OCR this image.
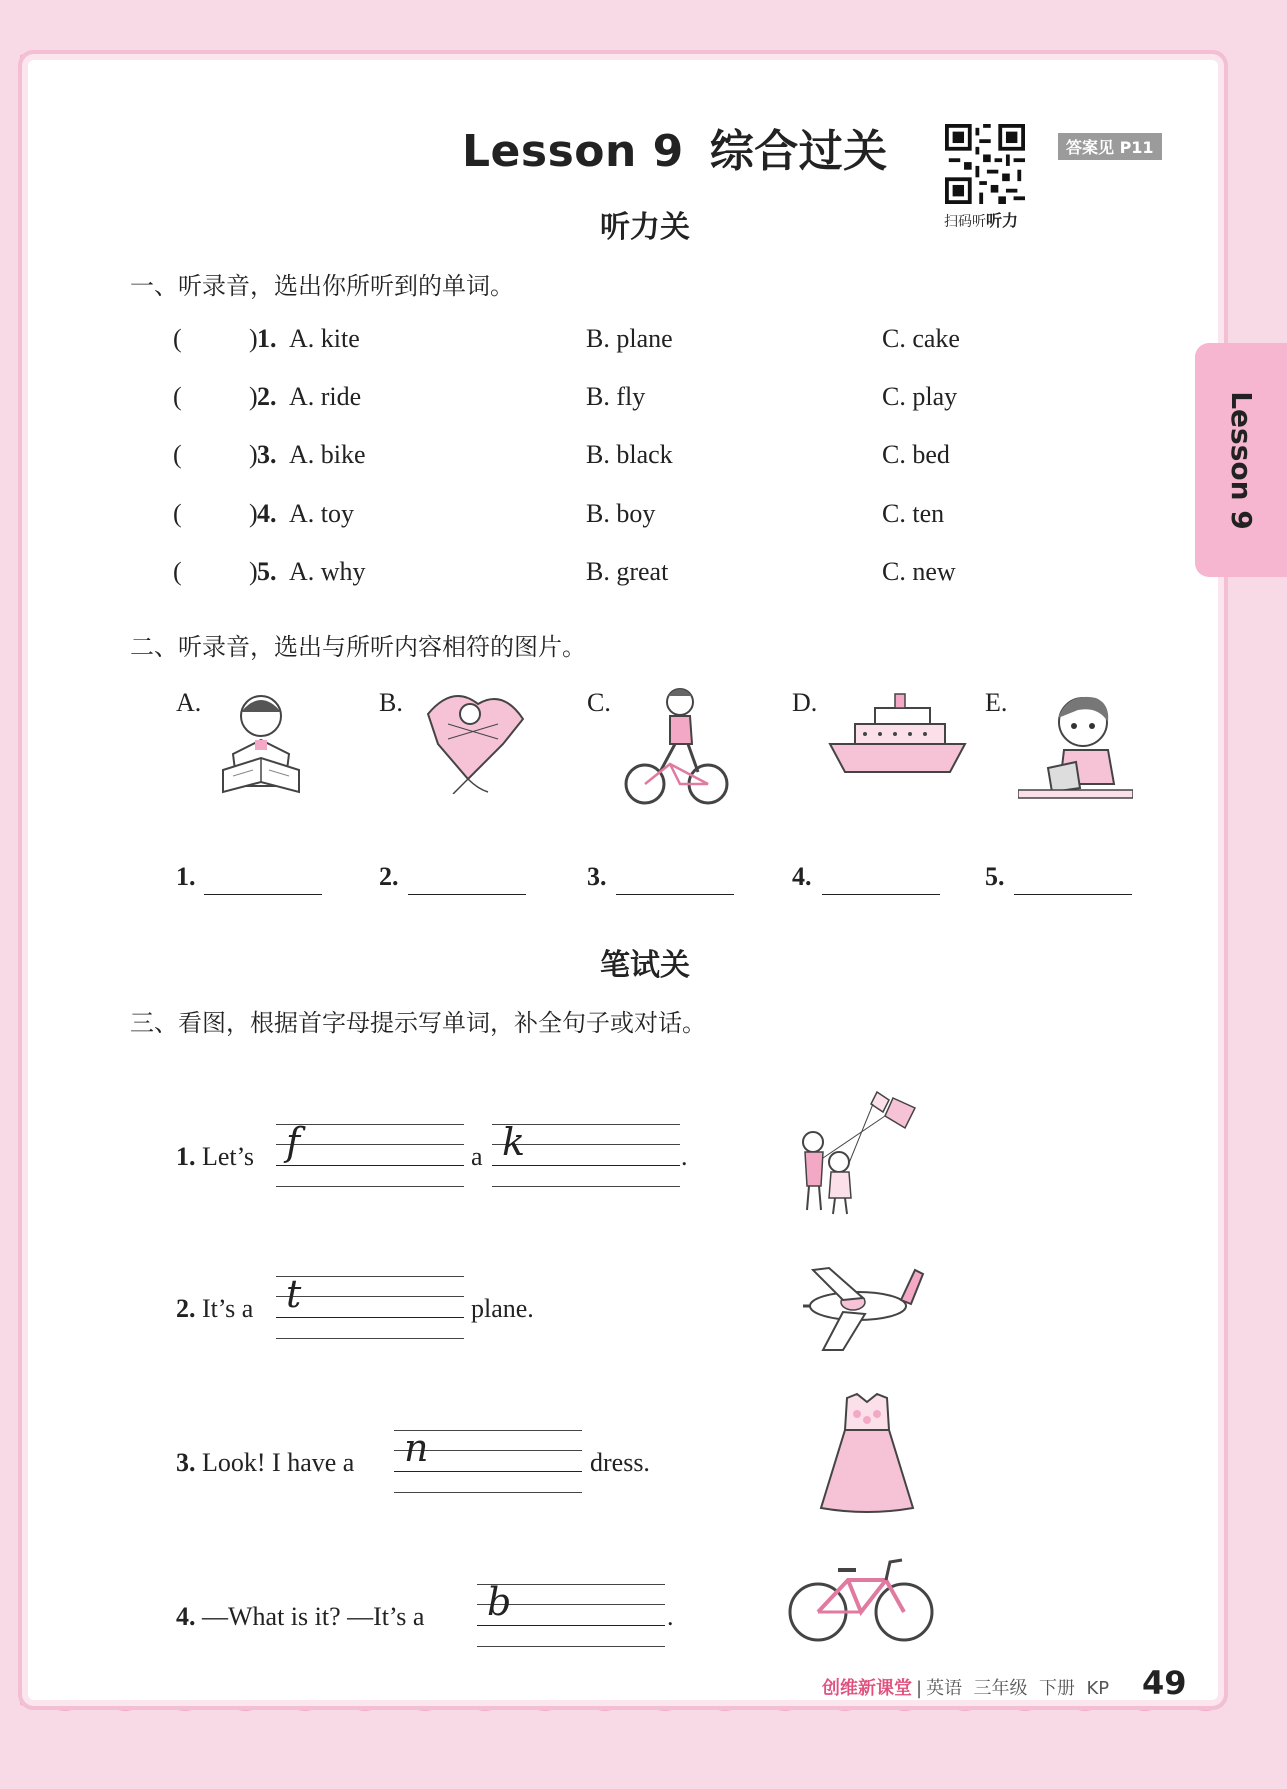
Lesson 9
Lesson 9 综合过关
扫码听听力
答案见 P11
听力关
一、听录音，选出你所听到的单词。
(	) 1. A. kite	B. plane	C. cake
(	) 2. A. ride	B. fly	C. play
(	) 3. A. bike	B. black	C. bed
(	) 4. A. toy	B. boy	C. ten
(	) 5. A. why	B. great	C. new
二、听录音，选出与所听内容相符的图片。
A.	B.	C.	D.	E.
1.	2.	3.	4.	5.
笔试关
三、看图，根据首字母提示写单词，补全句子或对话。
1. Let’s f	a k	.
2. It’s a t	plane.
3. Look! I have a n	dress.
4. —What is it? —It’s a b	.
创维新课堂 | 英语 三年级 下册 KP 49
